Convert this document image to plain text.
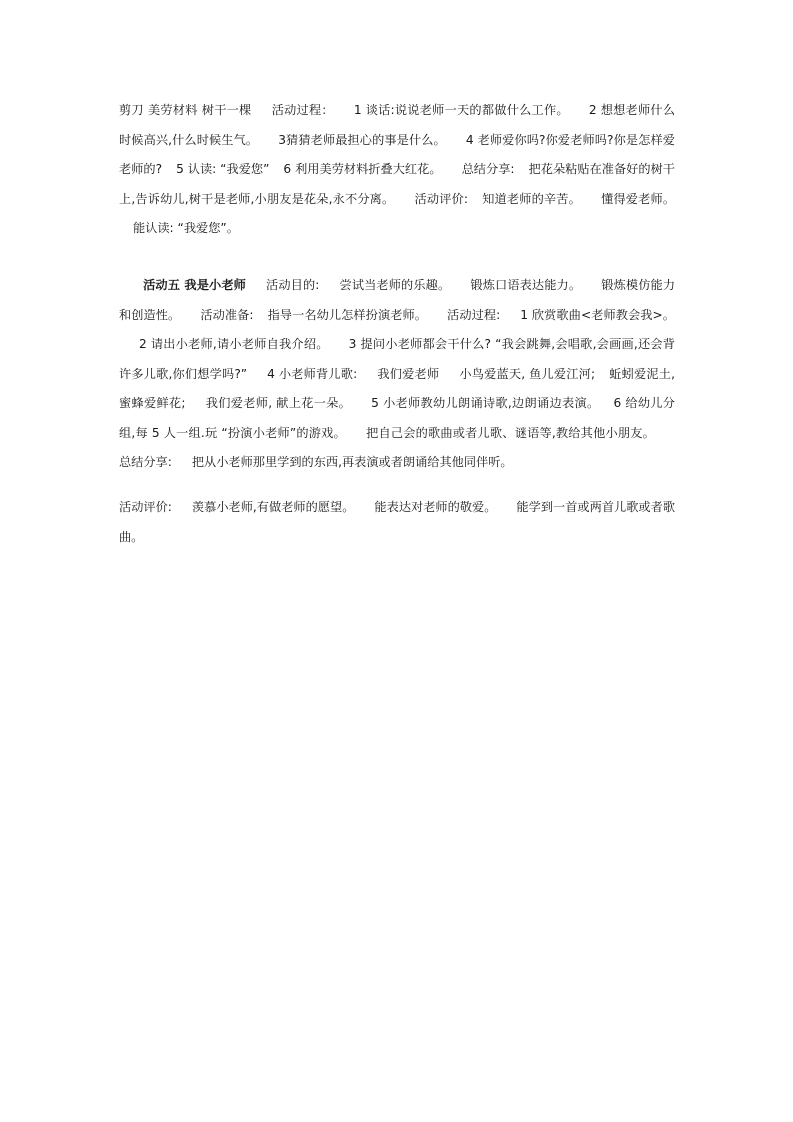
剪刀 美劳材料 树干一棵 活动过程： 1 谈话:说说老师一天的都做什么工作。 2 想想老师什么时候高兴,什么时候生气。 3猜猜老师最担心的事是什么。 4 老师爱你吗?你爱老师吗?你是怎样爱老师的? 5 认读: “我爱您” 6 利用美劳材料折叠大红花。 总结分享: 把花朵粘贴在准备好的树干上,告诉幼儿,树干是老师,小朋友是花朵,永不分离。 活动评价: 知道老师的辛苦。 懂得爱老师。能认读: “我爱您”。

活动五 我是小老师 活动目的: 尝试当老师的乐趣。 锻炼口语表达能力。 锻炼模仿能力和创造性。 活动准备: 指导一名幼儿怎样扮演老师。 活动过程: 1 欣赏歌曲<老师教会我>。2 请出小老师,请小老师自我介绍。 3 提问小老师都会干什么? “我会跳舞,会唱歌,会画画,还会背许多儿歌,你们想学吗?” 4 小老师背儿歌: 我们爱老师 小鸟爱蓝天, 鱼儿爱江河; 蚯蚓爱泥土, 蜜蜂爱鲜花; 我们爱老师, 献上花一朵。 5 小老师教幼儿朗诵诗歌,边朗诵边表演。 6 给幼儿分组,每 5 人一组.玩 “扮演小老师”的游戏。 把自己会的歌曲或者儿歌、谜语等,教给其他小朋友。总结分享: 把从小老师那里学到的东西,再表演或者朗诵给其他同伴听。

活动评价: 羡慕小老师,有做老师的愿望。 能表达对老师的敬爱。 能学到一首或两首儿歌或者歌曲。
